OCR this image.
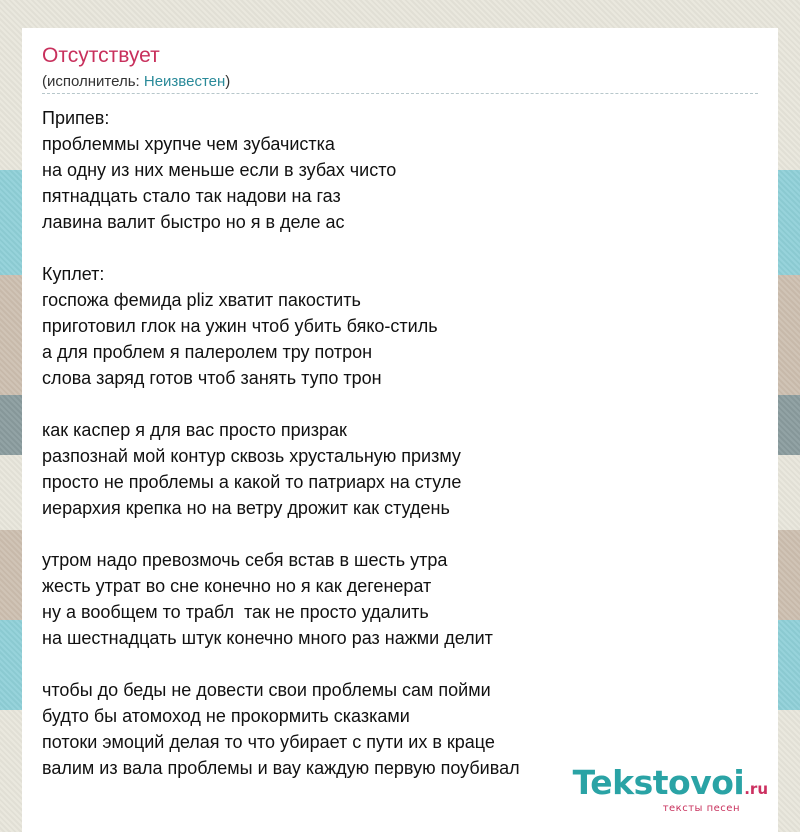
Отсутствует
(исполнитель: Неизвестен)
Припев:
проблеммы хрупче чем зубачистка
на одну из них меньше если в зубах чисто
пятнадцать стало так надови на газ
лавина валит быстро но я в деле ас
Куплет:
госпожа фемида pliz хватит пакостить
приготовил глок на ужин чтоб убить бяко-стиль
а для проблем я палеролем тру потрон
слова заряд готов чтоб занять тупо трон
как каспер я для вас просто призрак
разпознай мой контур сквозь хрустальную призму
просто не проблемы а какой то патриарх на стуле
иерархия крепка но на ветру дрожит как студень
утром надо превозмочь себя встав в шесть утра
жесть утрат во сне конечно но я как дегенерат
ну а вообщем то трабл  так не просто удалить
на шестнадцать штук конечно много раз нажми делит
чтобы до беды не довести свои проблемы сам пойми
будто бы атомоход не прокормить сказками
потоки эмоций делая то что убирает с пути их в краце
валим из вала проблемы и вау каждую первую поубивал	Tekstovoi.ru
тексты песен
